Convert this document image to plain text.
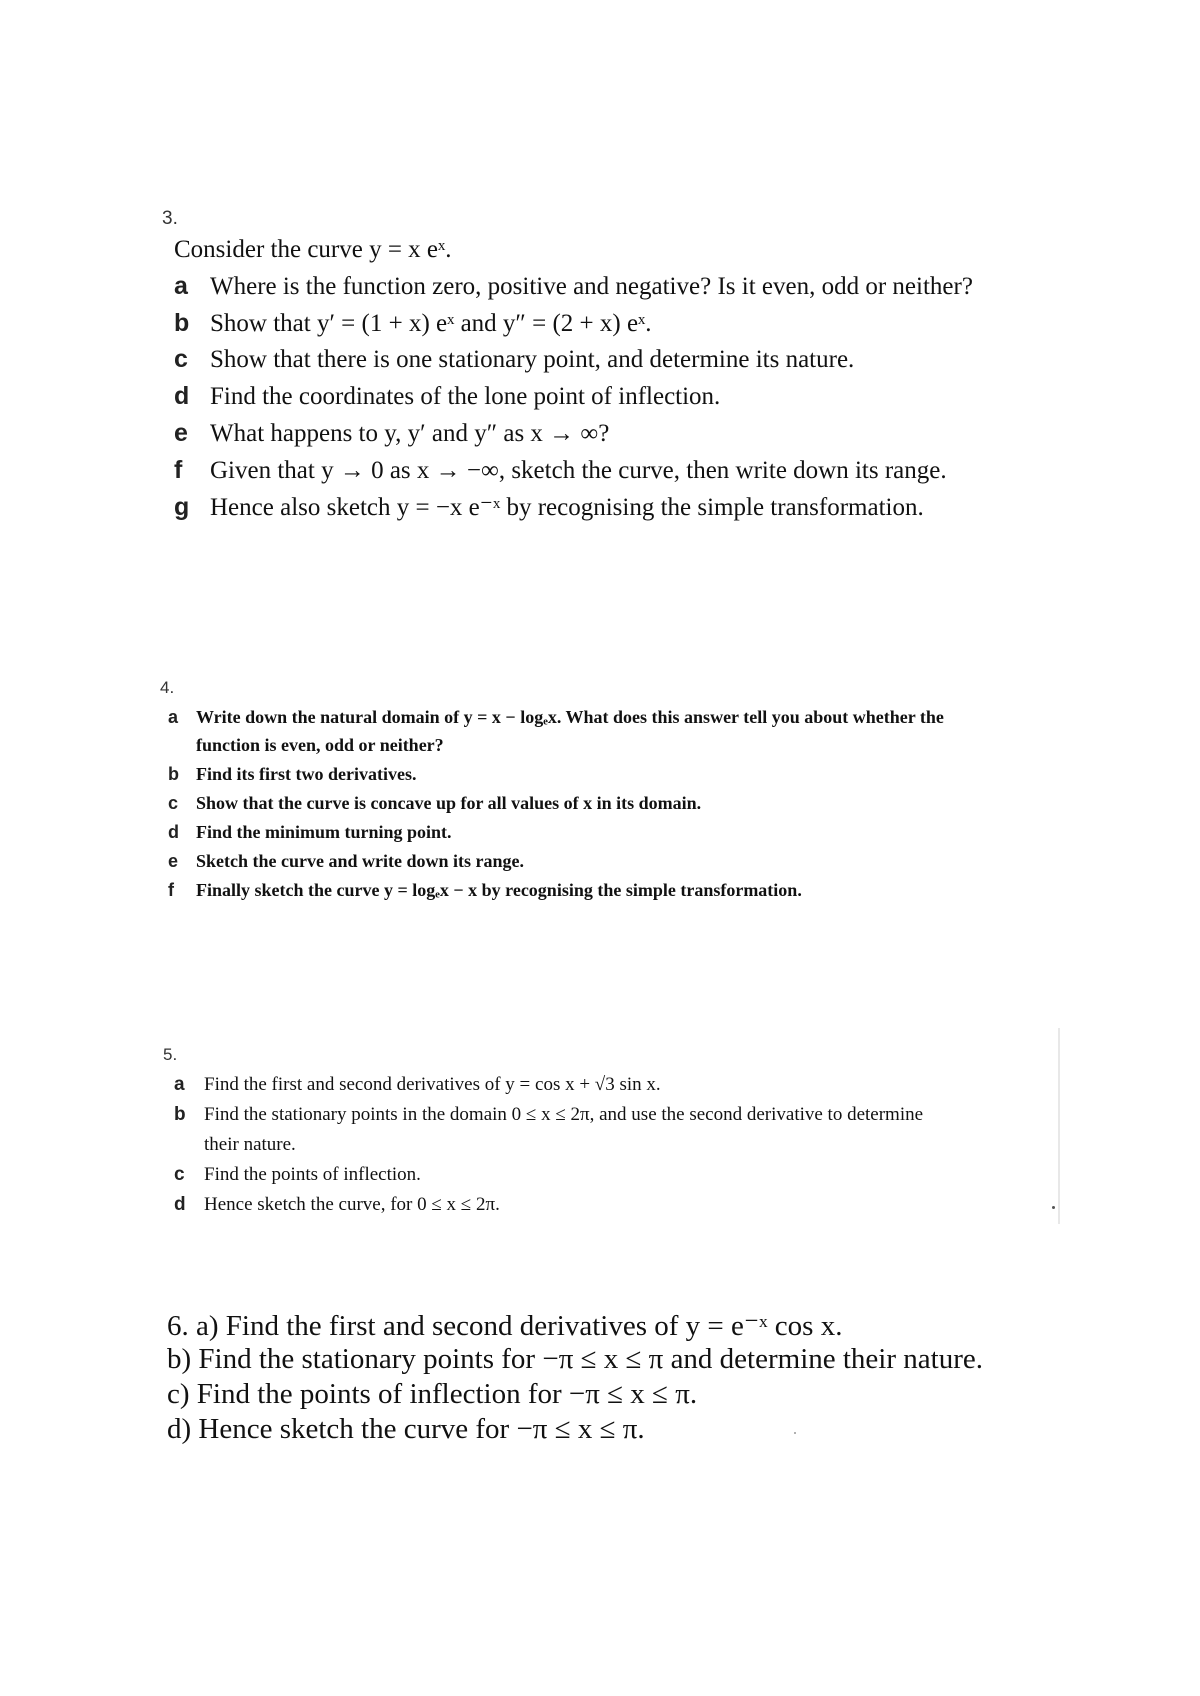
3.
Consider the curve y = x eˣ.
a Where is the function zero, positive and negative? Is it even, odd or neither?
b Show that y′ = (1 + x) eˣ and y″ = (2 + x) eˣ.
c Show that there is one stationary point, and determine its nature.
d Find the coordinates of the lone point of inflection.
e What happens to y, y′ and y″ as x → ∞?
f	Given that y → 0 as x → −∞, sketch the curve, then write down its range.
g Hence also sketch y = −x e⁻ˣ by recognising the simple transformation.
4.
a Write down the natural domain of y = x − logₑx. What does this answer tell you about whether the
function is even, odd or neither?
b Find its first two derivatives.
c Show that the curve is concave up for all values of x in its domain.
d Find the minimum turning point.
e Sketch the curve and write down its range.
f	Finally sketch the curve y = logₑx − x by recognising the simple transformation.
5.
a	Find the first and second derivatives of y = cos x + √3 sin x.
b Find the stationary points in the domain 0 ≤ x ≤ 2π, and use the second derivative to determine
their nature.
c	Find the points of inflection.
d Hence sketch the curve, for 0 ≤ x ≤ 2π.
6. a) Find the first and second derivatives of y = e⁻ˣ cos x.
b) Find the stationary points for −π ≤ x ≤ π and determine their nature.
c) Find the points of inflection for −π ≤ x ≤ π.
d) Hence sketch the curve for −π ≤ x ≤ π.
